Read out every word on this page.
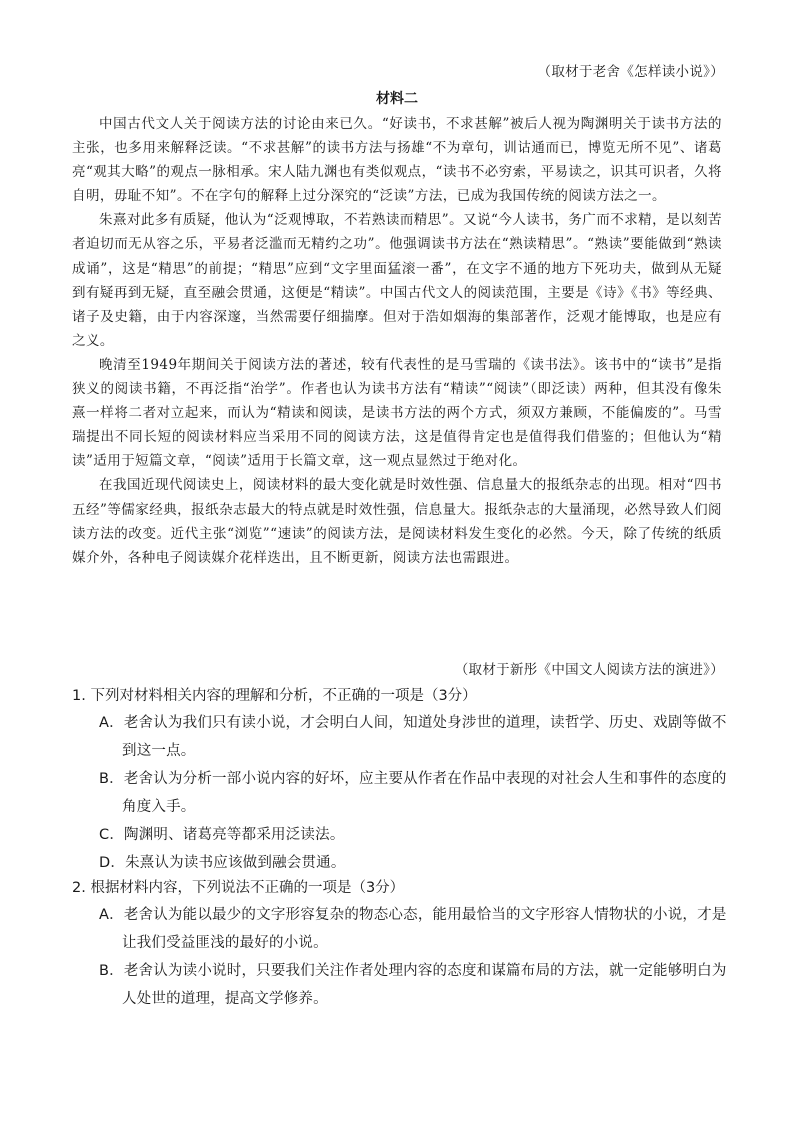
（取材于老舍《怎样读小说》）
材料二

中国古代文人关于阅读方法的讨论由来已久。“好读书，不求甚解”被后人视为陶渊明关于读书方法的主张，也多用来解释泛读。“不求甚解”的读书方法与扬雄“不为章句，训诂通而已，博览无所不见”、诸葛亮“观其大略”的观点一脉相承。宋人陆九渊也有类似观点，“读书不必穷索，平易读之，识其可识者，久将自明，毋耻不知”。不在字句的解释上过分深究的“泛读”方法，已成为我国传统的阅读方法之一。

朱熹对此多有质疑，他认为“泛观博取，不若熟读而精思”。又说“今人读书，务广而不求精，是以刻苦者迫切而无从容之乐，平易者泛滥而无精约之功”。他强调读书方法在“熟读精思”。“熟读”要能做到“熟读成诵”，这是“精思”的前提；“精思”应到“文字里面猛滚一番”，在文字不通的地方下死功夫，做到从无疑到有疑再到无疑，直至融会贯通，这便是“精读”。中国古代文人的阅读范围，主要是《诗》《书》等经典、诸子及史籍，由于内容深邃，当然需要仔细揣摩。但对于浩如烟海的集部著作，泛观才能博取，也是应有之义。

晚清至1949年期间关于阅读方法的著述，较有代表性的是马雪瑞的《读书法》。该书中的“读书”是指狭义的阅读书籍，不再泛指“治学”。作者也认为读书方法有“精读”“阅读”（即泛读）两种，但其没有像朱熹一样将二者对立起来，而认为“精读和阅读，是读书方法的两个方式，须双方兼顾，不能偏废的”。马雪瑞提出不同长短的阅读材料应当采用不同的阅读方法，这是值得肯定也是值得我们借鉴的；但他认为“精读”适用于短篇文章，“阅读”适用于长篇文章，这一观点显然过于绝对化。

在我国近现代阅读史上，阅读材料的最大变化就是时效性强、信息量大的报纸杂志的出现。相对“四书五经”等儒家经典，报纸杂志最大的特点就是时效性强，信息量大。报纸杂志的大量涌现，必然导致人们阅读方法的改变。近代主张“浏览”“速读”的阅读方法，是阅读材料发生变化的必然。今天，除了传统的纸质媒介外，各种电子阅读媒介花样迭出，且不断更新，阅读方法也需跟进。

（取材于新彤《中国文人阅读方法的演进》）

1. 下列对材料相关内容的理解和分析，不正确的一项是（3分）

A．老舍认为我们只有读小说，才会明白人间，知道处身涉世的道理，读哲学、历史、戏剧等做不到这一点。

B．老舍认为分析一部小说内容的好坏，应主要从作者在作品中表现的对社会人生和事件的态度的角度入手。

C．陶渊明、诸葛亮等都采用泛读法。

D．朱熹认为读书应该做到融会贯通。

2. 根据材料内容，下列说法不正确的一项是（3分）

A．老舍认为能以最少的文字形容复杂的物态心态，能用最恰当的文字形容人情物状的小说，才是让我们受益匪浅的最好的小说。

B．老舍认为读小说时，只要我们关注作者处理内容的态度和谋篇布局的方法，就一定能够明白为人处世的道理，提高文学修养。
